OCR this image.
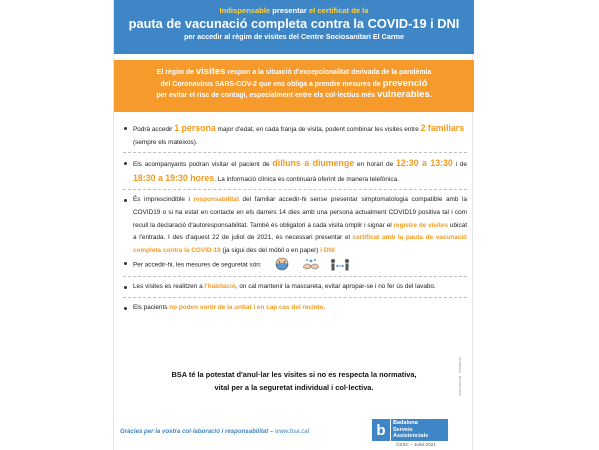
Indispensable presentar el certificat de la
pauta de vacunació completa contra la COVID-19 i DNI
per accedir al règim de visites del Centre Sociosanitari El Carme
El règim de visites respon a la situació d'excepcionalitat derivada de la pandèmia
del Coronavirus SARS-COV-2 que ens obliga a prendre mesures de prevenció
per evitar el risc de contagi, especialment entre els col·lectius més vulnerables.
Podrà accedir 1 persona major d'edat, en cada franja de visita, podent combinar les visites entre 2 familiars (sempre els mateixos).
Els acompanyants podran visitar el pacient de dilluns a diumenge en horari de 12:30 a 13:30 i de 18:30 a 19:30 hores. La informació clínica es continuarà oferint de manera telefònica.
És imprescindible i responsabilitat del familiar accedir-hi sense presentar simptomatologia compatible amb la COVID19 o si ha estat en contacte en els darrers 14 dies amb una persona actualment COVID19 positiva tal i com recull la declaració d'autoresponsabilitat. També és obligatori a cada visita omplir i signar el registre de visites ubicat a l'entrada. I des d'aquest 22 de juliol de 2021, és necessari presentar el certificat amb la pauta de vacunació completa contra la COVID-19 (ja sigui des del mòbil o en paper) i DNI
Per accedir-hi, les mesures de seguretat són:
Les visites es realitzen a l'habitació, on cal mantenir la mascareta, evitar apropar-se i no fer ús del lavabo.
Els pacients no poden sortir de la unitat i en cap cas del recinte.
BSA té la potestat d'anul·lar les visites si no es respecta la normativa,
vital per a la seguretat individual i col·lectiva.
Gràcies per la vostra col·laboració i responsabilitat – www.bsa.cat	b	Badalona
Serveis
Assistencials
©SSC – Juliol 2021
www.bsa.cat · Badalona
